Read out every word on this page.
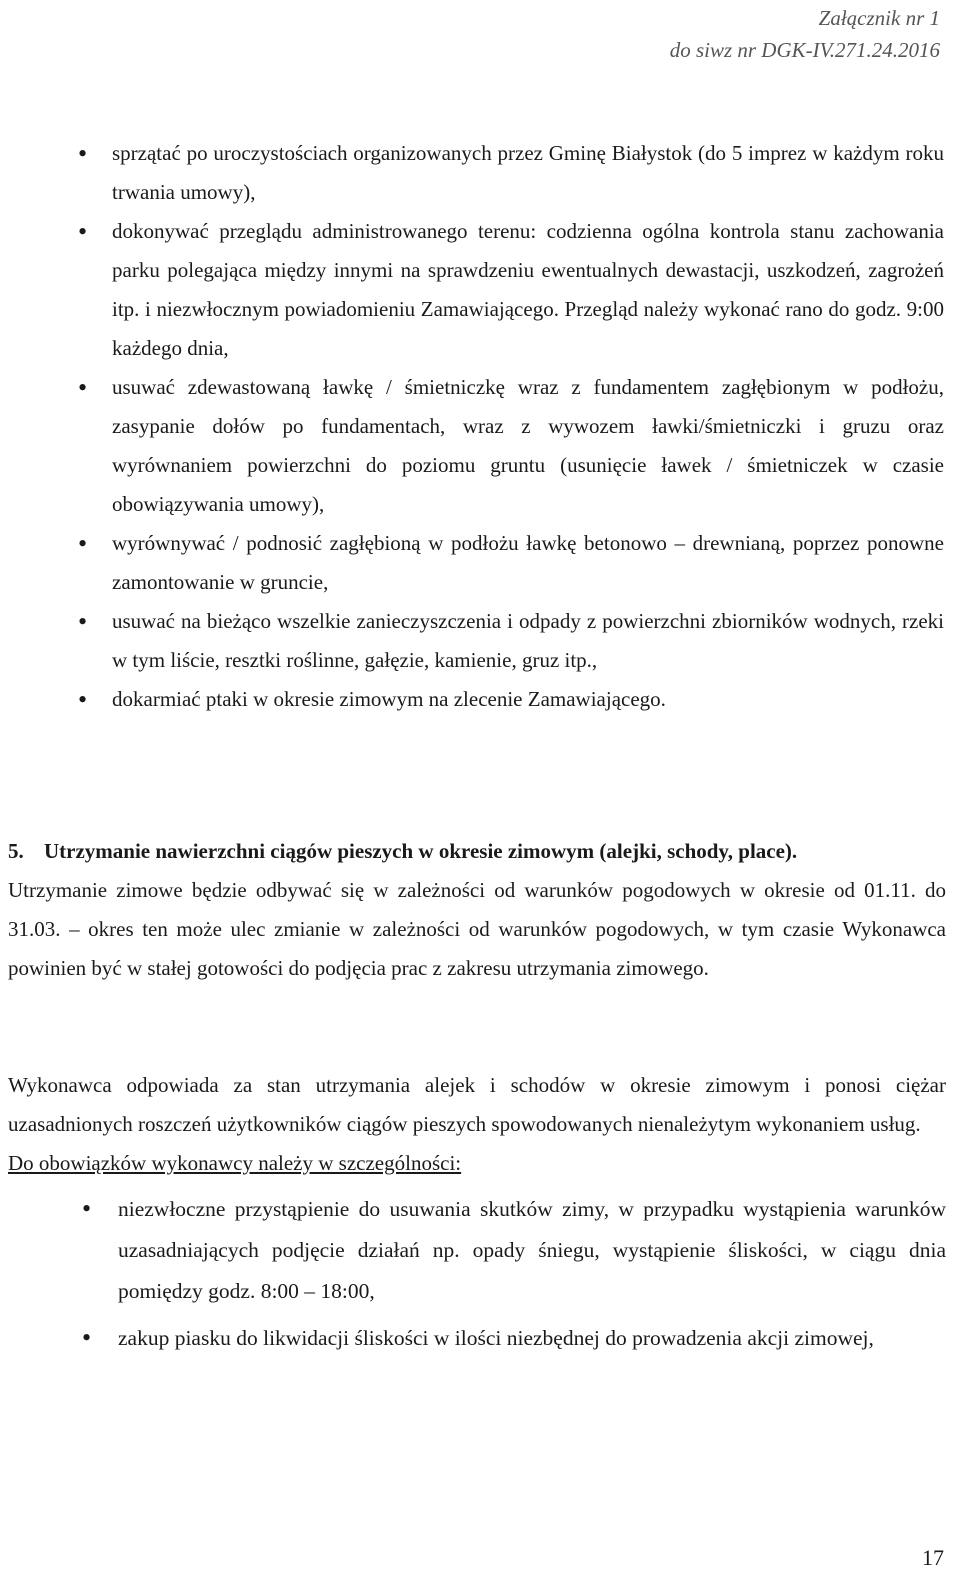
Załącznik nr 1
do siwz nr DGK-IV.271.24.2016
• sprzątać po uroczystościach organizowanych przez Gminę Białystok (do 5 imprez w każdym roku trwania umowy),
• dokonywać przeglądu administrowanego terenu: codzienna ogólna kontrola stanu zachowania parku polegająca między innymi na sprawdzeniu ewentualnych dewastacji, uszkodzeń, zagrożeń itp. i niezwłocznym powiadomieniu Zamawiającego. Przegląd należy wykonać rano do godz. 9:00 każdego dnia,
• usuwać zdewastowaną ławkę / śmietniczkę wraz z fundamentem zagłębionym w podłożu, zasypanie dołów po fundamentach, wraz z wywozem ławki/śmietniczki i gruzu oraz wyrównaniem powierzchni do poziomu gruntu (usunięcie ławek / śmietniczek w czasie obowiązywania umowy),
• wyrównywać / podnosić zagłębioną w podłożu ławkę betonowo – drewnianą, poprzez ponowne zamontowanie w gruncie,
• usuwać na bieżąco wszelkie zanieczyszczenia i odpady z powierzchni zbiorników wodnych, rzeki w tym liście, resztki roślinne, gałęzie, kamienie, gruz itp.,
• dokarmiać ptaki w okresie zimowym na zlecenie Zamawiającego.

5. Utrzymanie nawierzchni ciągów pieszych w okresie zimowym (alejki, schody, place).

Utrzymanie zimowe będzie odbywać się w zależności od warunków pogodowych w okresie od 01.11. do 31.03. – okres ten może ulec zmianie w zależności od warunków pogodowych, w tym czasie Wykonawca powinien być w stałej gotowości do podjęcia prac z zakresu utrzymania zimowego.

Wykonawca odpowiada za stan utrzymania alejek i schodów w okresie zimowym i ponosi ciężar uzasadnionych roszczeń użytkowników ciągów pieszych spowodowanych nienależytym wykonaniem usług.

Do obowiązków wykonawcy należy w szczególności:

• niezwłoczne przystąpienie do usuwania skutków zimy, w przypadku wystąpienia warunków uzasadniających podjęcie działań np. opady śniegu, wystąpienie śliskości, w ciągu dnia pomiędzy godz. 8:00 – 18:00,
• zakup piasku do likwidacji śliskości w ilości niezbędnej do prowadzenia akcji zimowej,
17
